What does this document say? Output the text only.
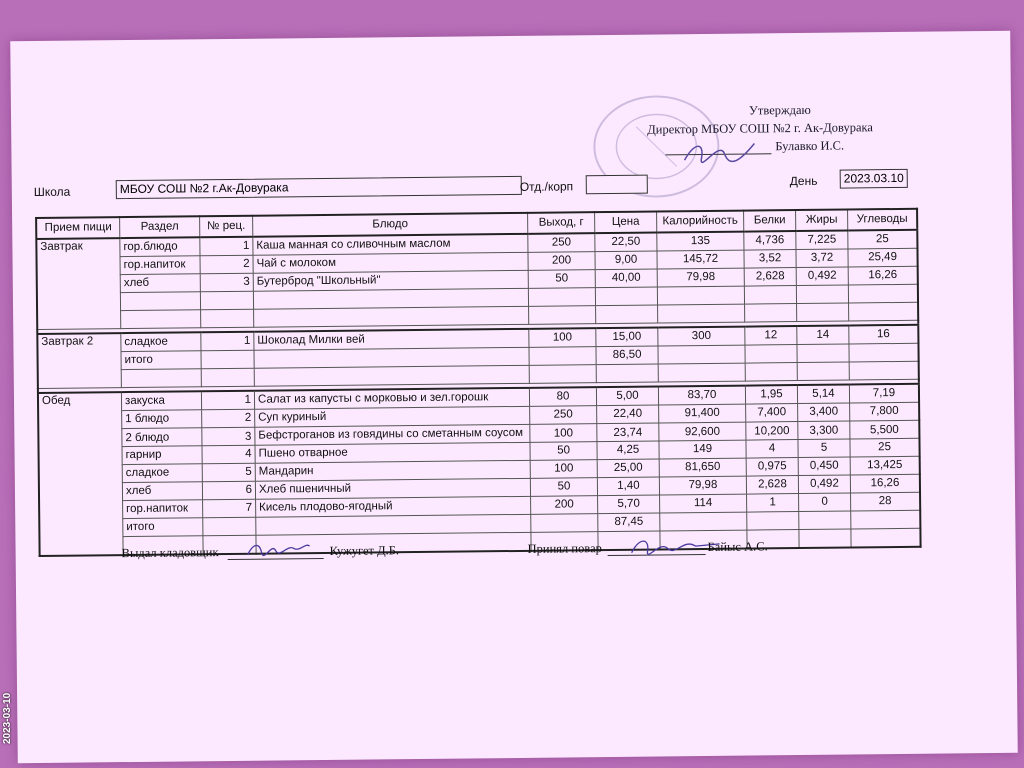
Утверждаю
Директор МБОУ СОШ №2 г. Ак-Довурака
Булавко И.С.
Школа	МБОУ СОШ №2 г.Ак-Довурака	Отд./корп	День	2023.03.10
Прием пищи	Раздел	№ рец.	Блюдо	Выход, г	Цена	Калорийность	Белки	Жиры	Углеводы
Завтрак	гор.блюдо	1	Каша манная со сливочным маслом	250	22,50	135	4,736	7,225	25
	гор.напиток	2	Чай с молоком	200	9,00	145,72	3,52	3,72	25,49
	хлеб	3	Бутерброд "Школьный"	50	40,00	79,98	2,628	0,492	16,26

Завтрак 2	сладкое	1	Шоколад Милки вей	100	15,00	300	12	14	16
	итого				86,50				

Обед	закуска	1	Салат из капусты с морковью и зел.горошк	80	5,00	83,70	1,95	5,14	7,19
	1 блюдо	2	Суп куриный	250	22,40	91,400	7,400	3,400	7,800
	2 блюдо	3	Бефстроганов из говядины со сметанным соусом	100	23,74	92,600	10,200	3,300	5,500
	гарнир	4	Пшено отварное	50	4,25	149	4	5	25
	сладкое	5	Мандарин	100	25,00	81,650	0,975	0,450	13,425
	хлеб	6	Хлеб пшеничный	50	1,40	79,98	2,628	0,492	16,26
	гор.напиток	7	Кисель плодово-ягодный	200	5,70	114	1	0	28
	итого				87,45				

Выдал кладовщик	Кужугет Д.Б.	Принял повар	Байыс А.С.
2023-03-10
